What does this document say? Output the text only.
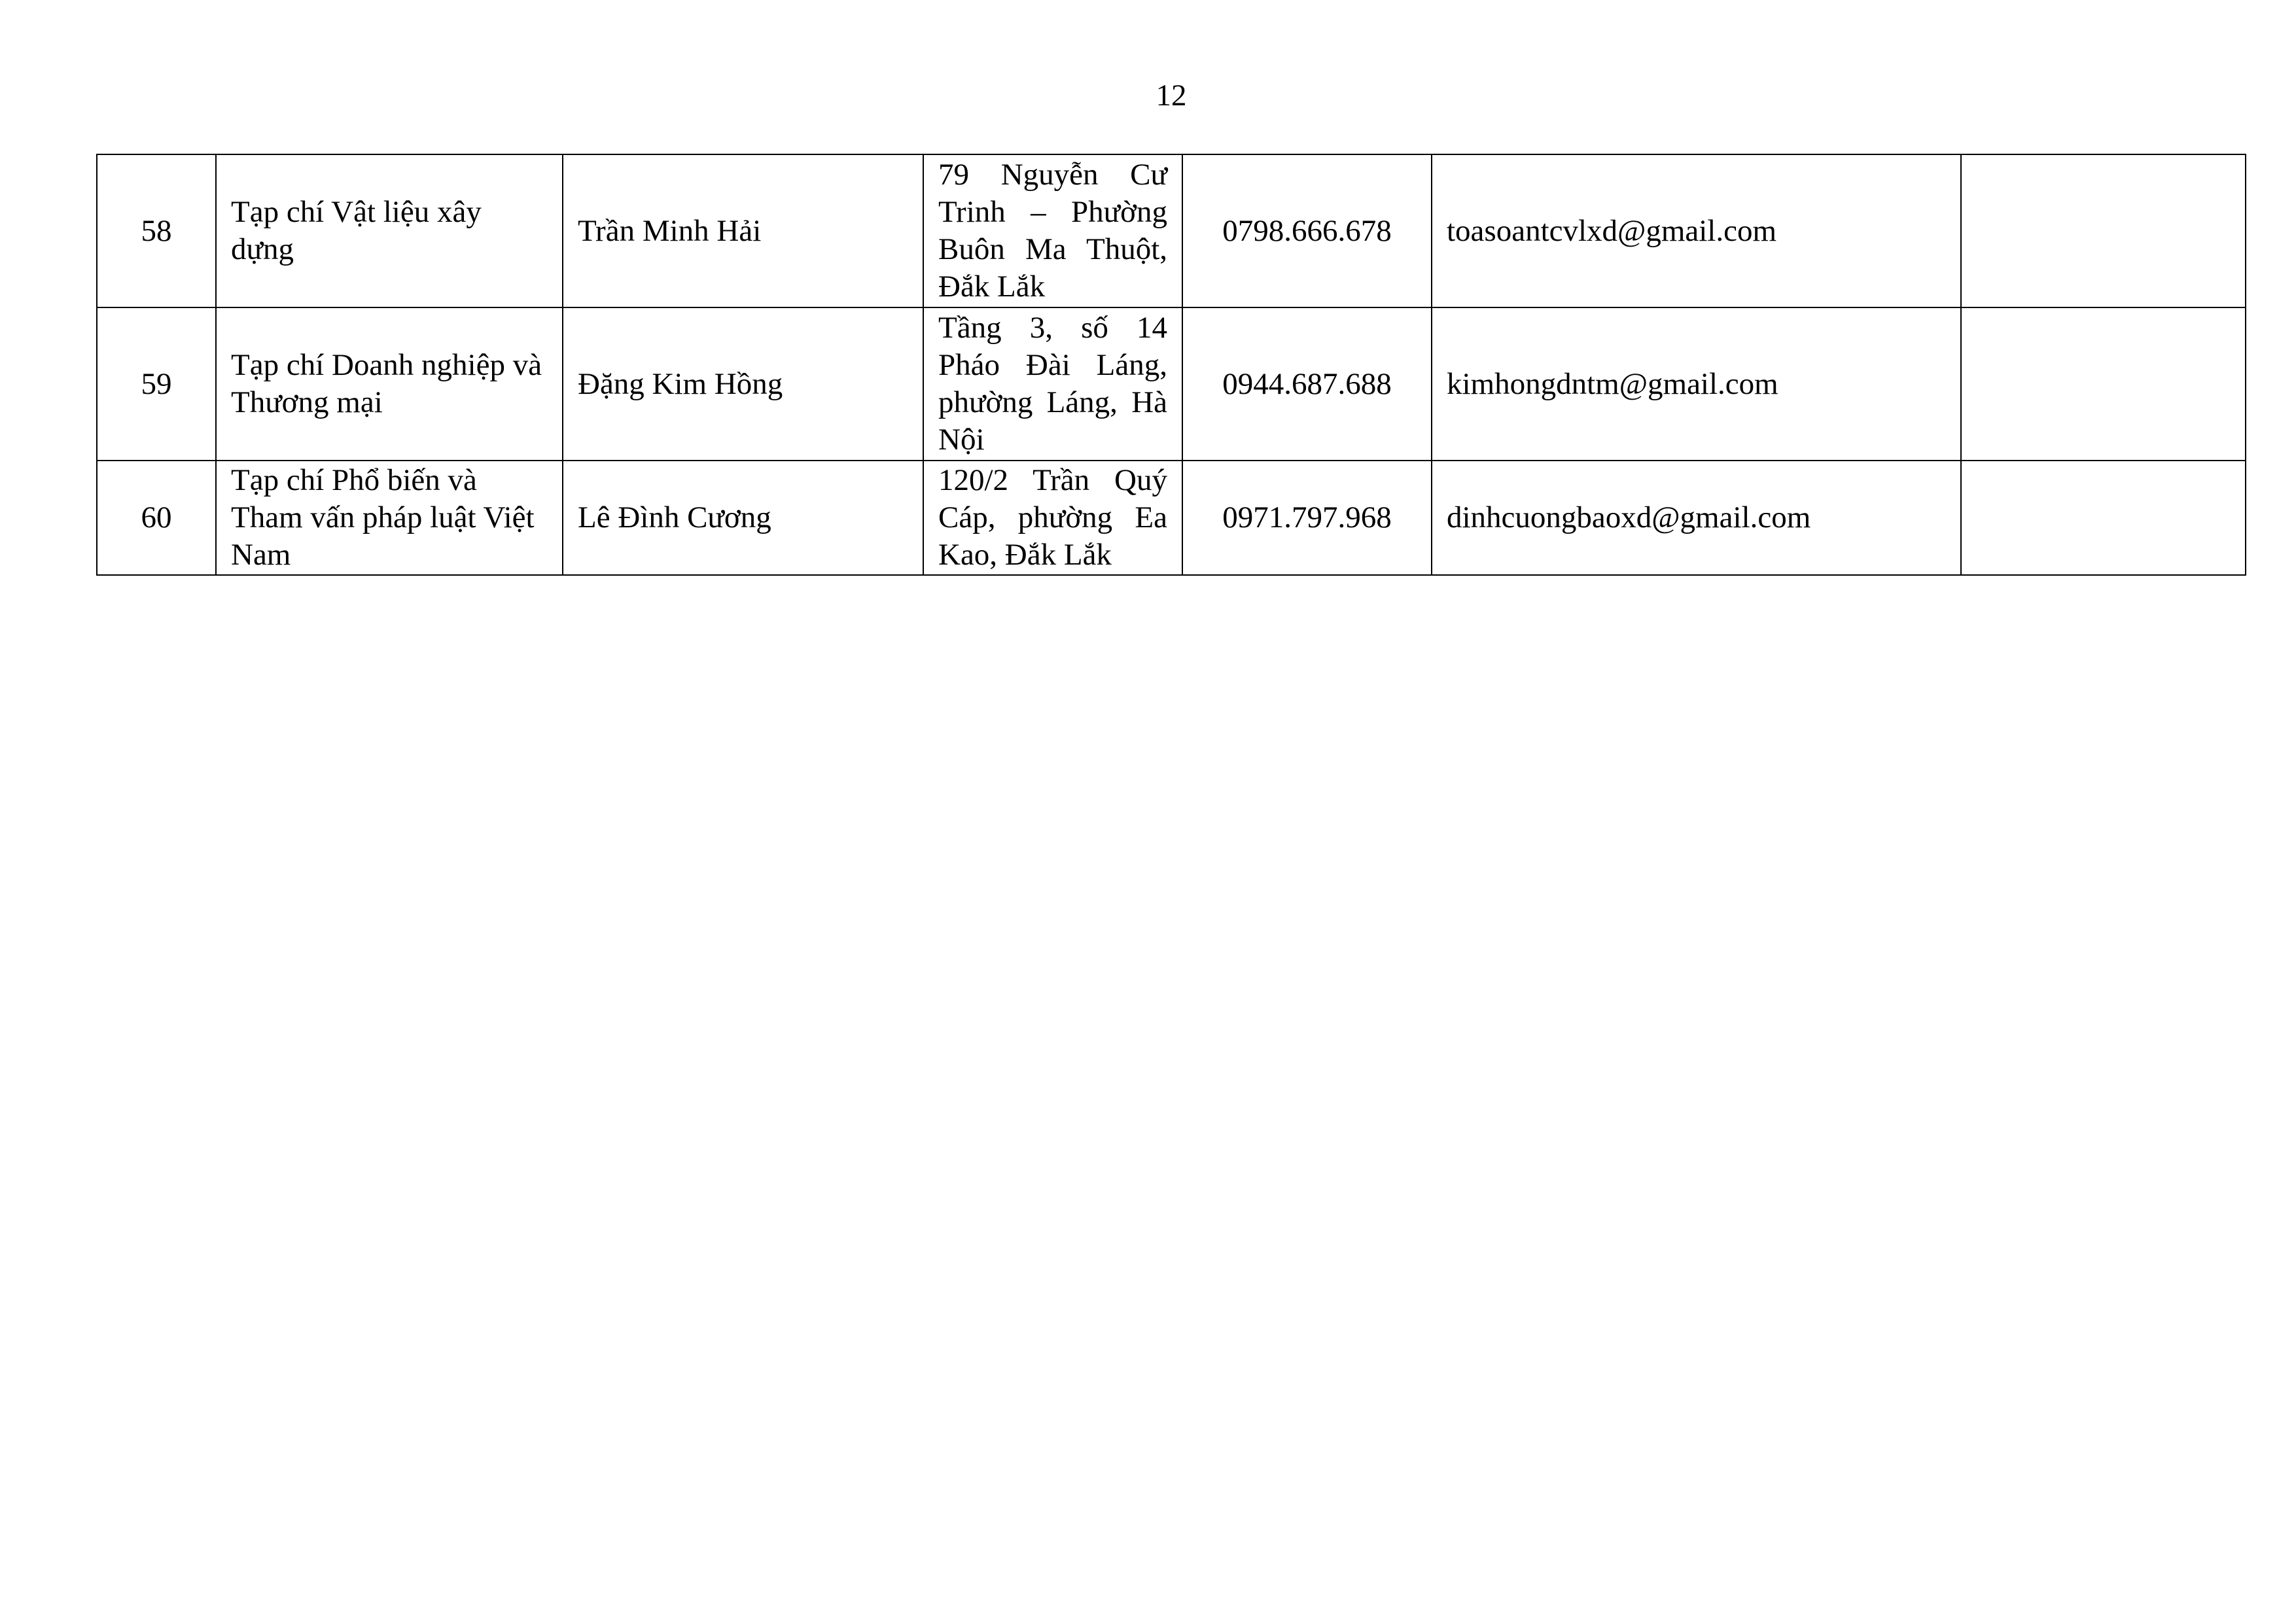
12
58	Tạp chí Vật liệu xây dựng	Trần Minh Hải	79 Nguyễn Cư Trinh – Phường Buôn Ma Thuột, Đắk Lắk	0798.666.678	toasoantcvlxd@gmail.com	
59	Tạp chí Doanh nghiệp và Thương mại	Đặng Kim Hồng	Tầng 3, số 14 Pháo Đài Láng, phường Láng, Hà Nội	0944.687.688	kimhongdntm@gmail.com	
60	Tạp chí Phổ biến và Tham vấn pháp luật Việt Nam	Lê Đình Cương	120/2 Trần Quý Cáp, phường Ea Kao, Đắk Lắk	0971.797.968	dinhcuongbaoxd@gmail.com	
